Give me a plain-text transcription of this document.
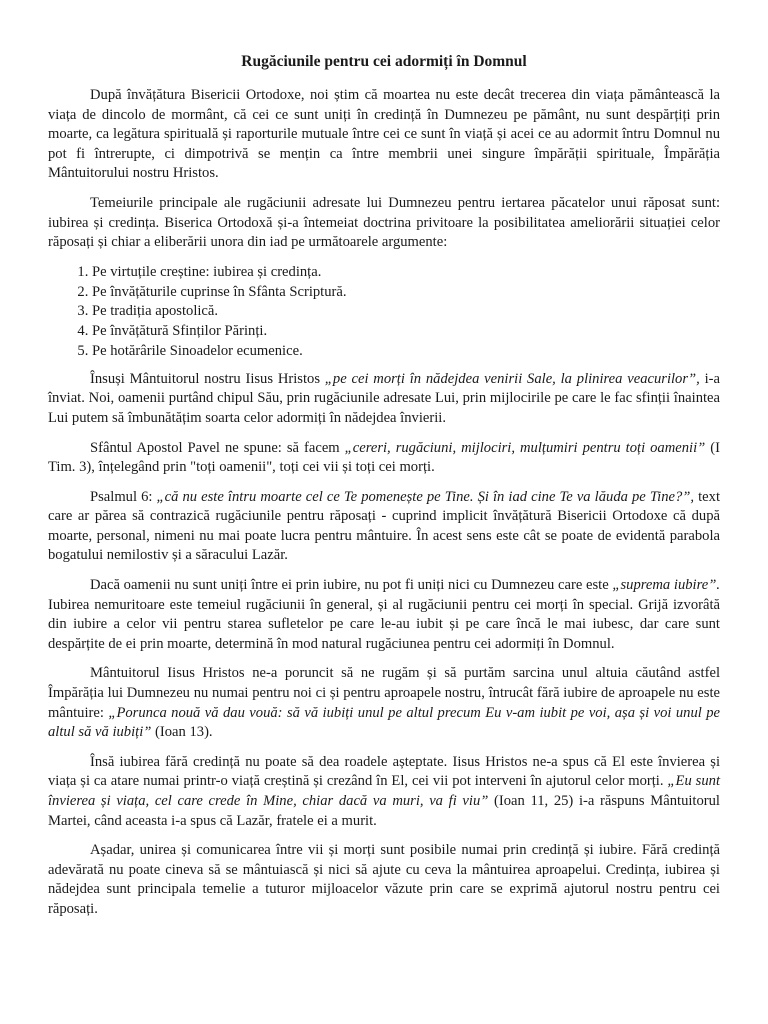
Rugăciunile pentru cei adormiți în Domnul

După învățătura Bisericii Ortodoxe, noi știm că moartea nu este decât trecerea din viața pământească la viața de dincolo de mormânt, că cei ce sunt uniți în credință în Dumnezeu pe pământ, nu sunt despărțiți prin moarte, ca legătura spirituală și raporturile mutuale între cei ce sunt în viață și acei ce au adormit întru Domnul nu pot fi întrerupte, ci dimpotrivă se mențin ca între membrii unei singure împărății spirituale, Împărăția Mântuitorului nostru Hristos.

Temeiurile principale ale rugăciunii adresate lui Dumnezeu pentru iertarea păcatelor unui răposat sunt: iubirea și credința. Biserica Ortodoxă și-a întemeiat doctrina privitoare la posibilitatea ameliorării situației celor răposați și chiar a eliberării unora din iad pe următoarele argumente:

1. Pe virtuțile creștine: iubirea și credința.
2. Pe învățăturile cuprinse în Sfânta Scriptură.
3. Pe tradiția apostolică.
4. Pe învățătură Sfinților Părinți.
5. Pe hotărârile Sinoadelor ecumenice.

Însuși Mântuitorul nostru Iisus Hristos „pe cei morți în nădejdea venirii Sale, la plinirea veacurilor”, i-a înviat. Noi, oamenii purtând chipul Său, prin rugăciunile adresate Lui, prin mijlocirile pe care le fac sfinții înaintea Lui putem să îmbunătățim soarta celor adormiți în nădejdea învierii.

Sfântul Apostol Pavel ne spune: să facem „cereri, rugăciuni, mijlociri, mulțumiri pentru toți oamenii” (I Tim. 3), înțelegând prin "toți oamenii", toți cei vii și toți cei morți.

Psalmul 6: „că nu este întru moarte cel ce Te pomenește pe Tine. Și în iad cine Te va lăuda pe Tine?”, text care ar părea să contrazică rugăciunile pentru răposați - cuprind implicit învățătură Bisericii Ortodoxe că după moarte, personal, nimeni nu mai poate lucra pentru mântuire. În acest sens este cât se poate de evidentă parabola bogatului nemilostiv și a săracului Lazăr.

Dacă oamenii nu sunt uniți între ei prin iubire, nu pot fi uniți nici cu Dumnezeu care este „suprema iubire”. Iubirea nemuritoare este temeiul rugăciunii în general, și al rugăciunii pentru cei morți în special. Grijă izvorâtă din iubire a celor vii pentru starea sufletelor pe care le-au iubit și pe care încă le mai iubesc, dar care sunt despărțite de ei prin moarte, determină în mod natural rugăciunea pentru cei adormiți în Domnul.

Mântuitorul Iisus Hristos ne-a poruncit să ne rugăm și să purtăm sarcina unul altuia căutând astfel Împărăția lui Dumnezeu nu numai pentru noi ci și pentru aproapele nostru, întrucât fără iubire de aproapele nu este mântuire: „Porunca nouă vă dau vouă: să vă iubiți unul pe altul precum Eu v-am iubit pe voi, așa și voi unul pe altul să vă iubiți” (Ioan 13).

Însă iubirea fără credință nu poate să dea roadele așteptate. Iisus Hristos ne-a spus că El este învierea și viața și ca atare numai printr-o viață creștină și crezând în El, cei vii pot interveni în ajutorul celor morți. „Eu sunt învierea și viața, cel care crede în Mine, chiar dacă va muri, va fi viu” (Ioan 11, 25) i-a răspuns Mântuitorul Martei, când aceasta i-a spus că Lazăr, fratele ei a murit.

Așadar, unirea și comunicarea între vii și morți sunt posibile numai prin credință și iubire. Fără credință adevărată nu poate cineva să se mântuiască și nici să ajute cu ceva la mântuirea aproapelui. Credința, iubirea și nădejdea sunt principala temelie a tuturor mijloacelor văzute prin care se exprimă ajutorul nostru pentru cei răposați.
